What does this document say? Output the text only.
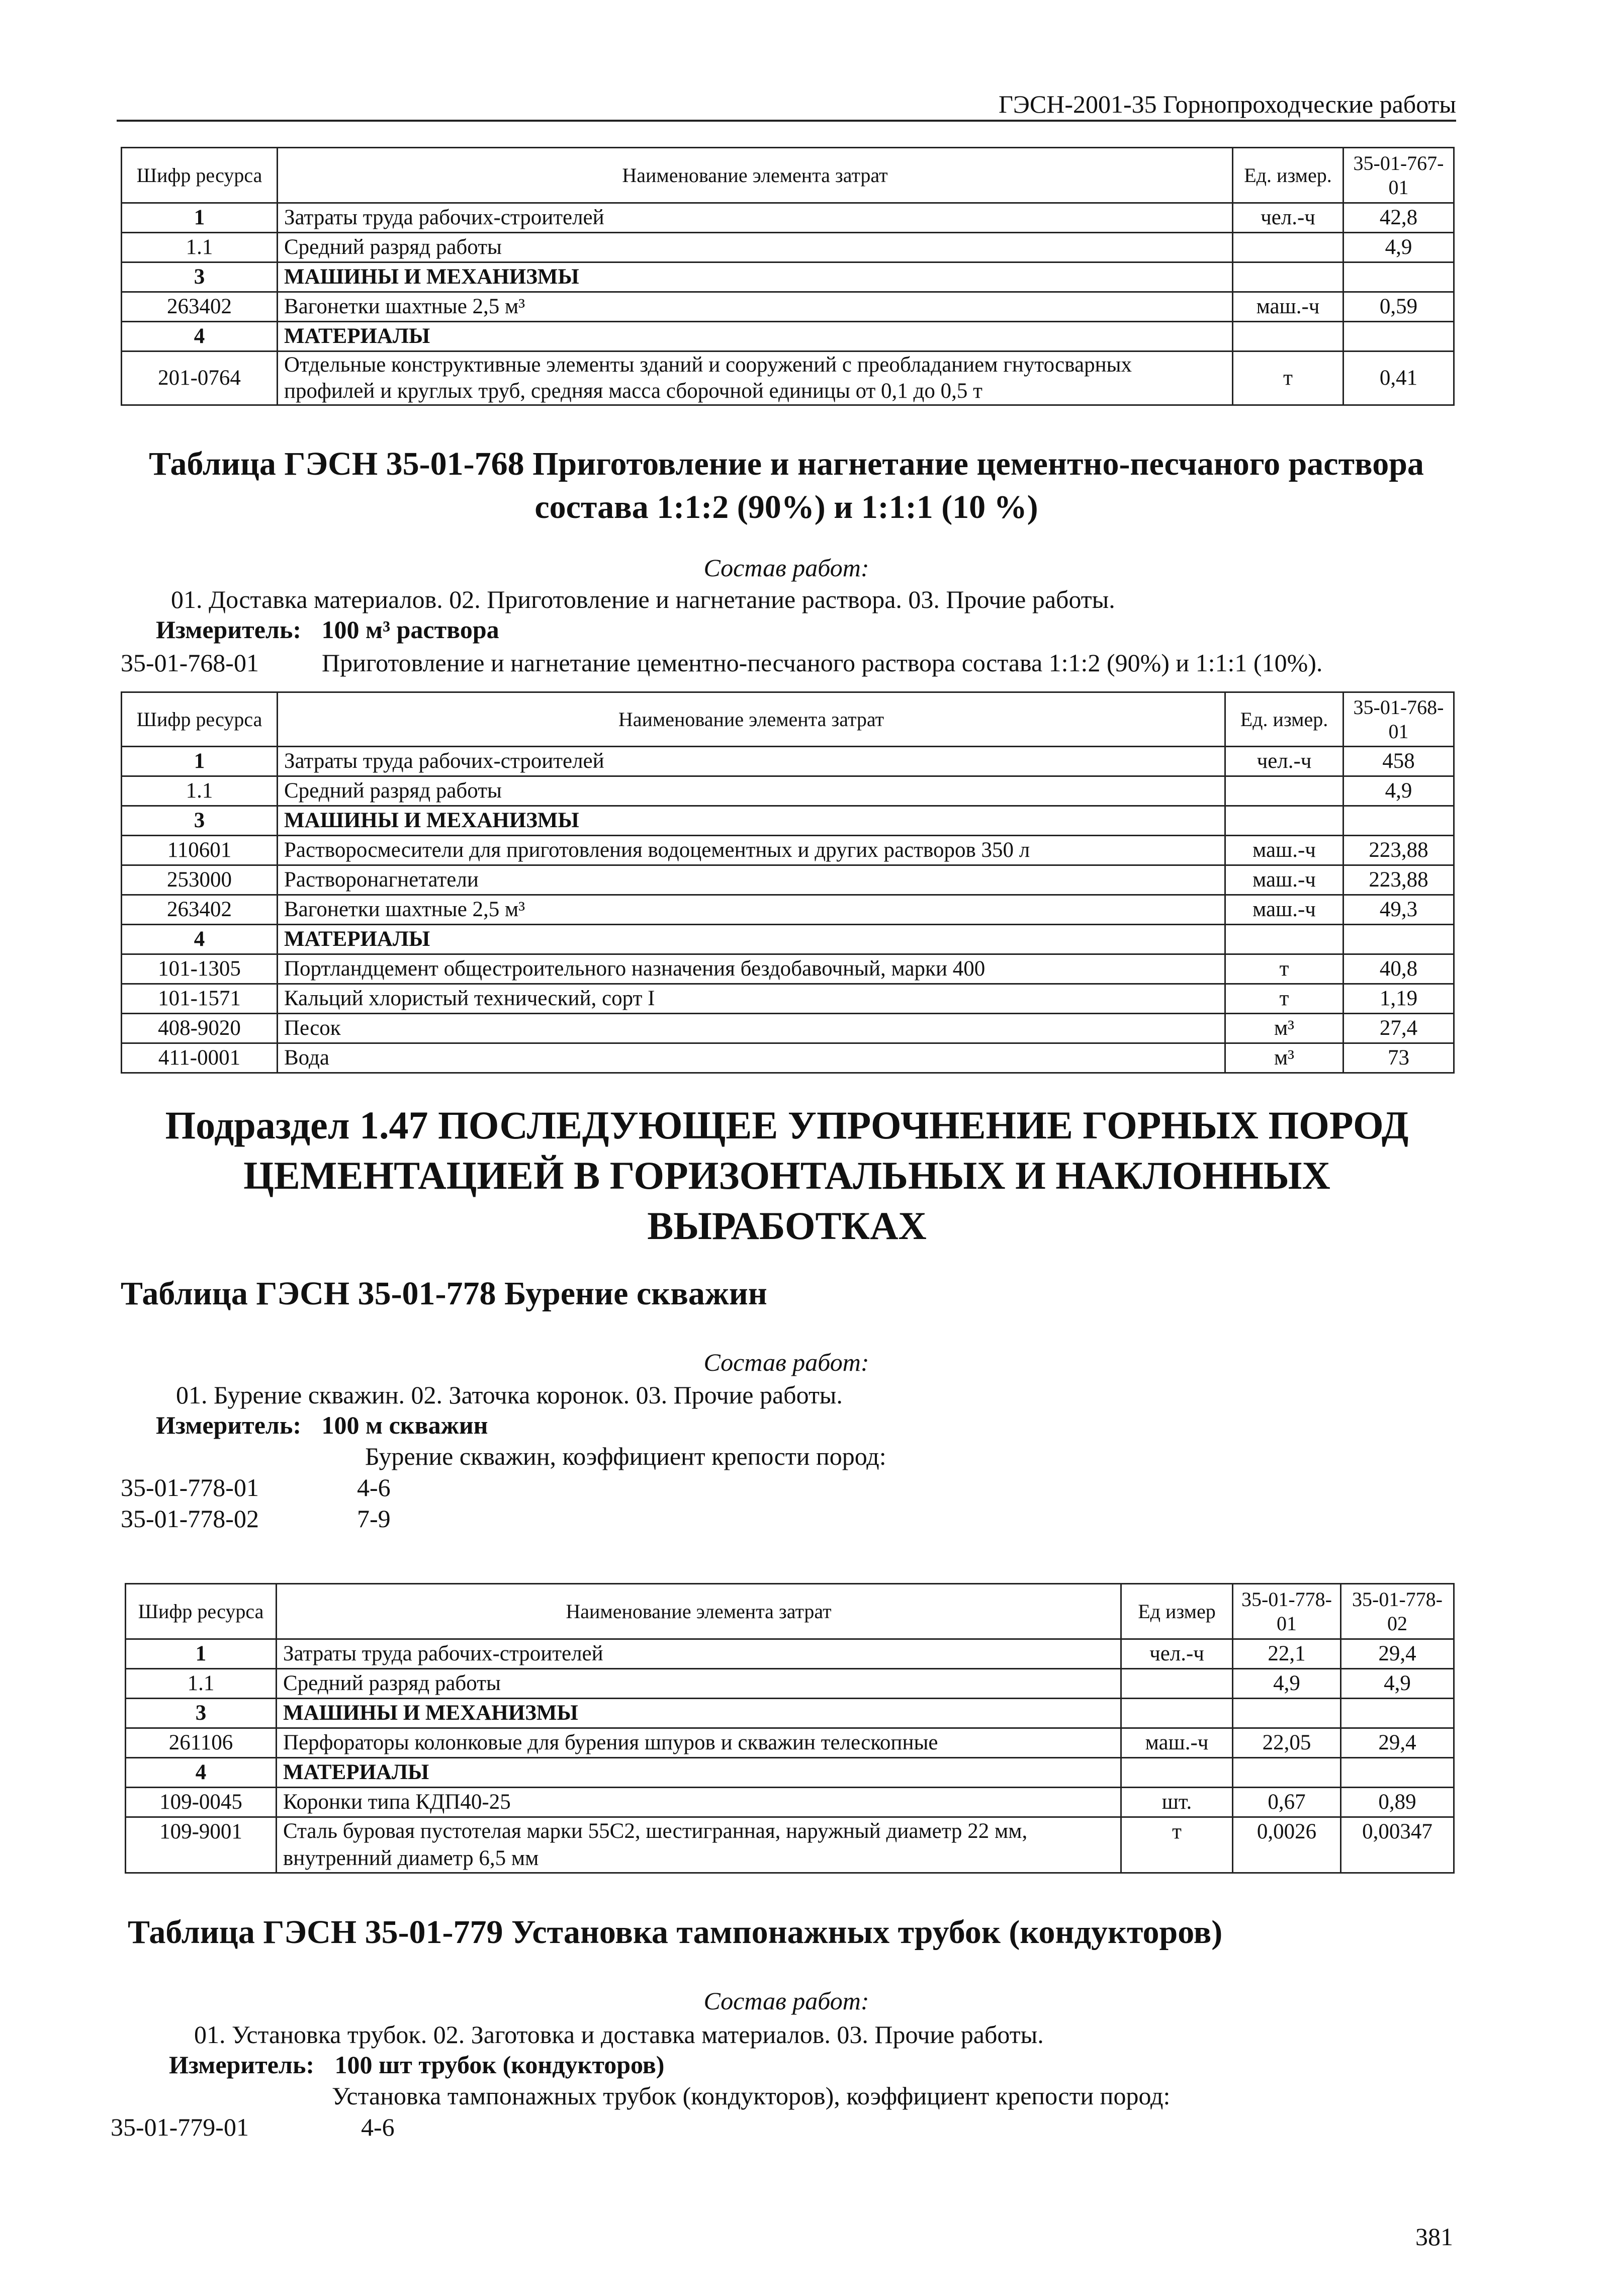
ГЭСН-2001-35 Горнопроходческие работы
Шифр ресурса	Наименование элемента затрат	Ед. измер.	35-01-767-01
1	Затраты труда рабочих-строителей	чел.-ч	42,8
1.1	Средний разряд работы		4,9
3	МАШИНЫ И МЕХАНИЗМЫ		
263402	Вагонетки шахтные 2,5 м³	маш.-ч	0,59
4	МАТЕРИАЛЫ		
201-0764	Отдельные конструктивные элементы зданий и сооружений с преобладанием гнутосварных профилей и круглых труб, средняя масса сборочной единицы от 0,1 до 0,5 т	т	0,41
Таблица ГЭСН 35-01-768 Приготовление и нагнетание цементно-песчаного раствора состава 1:1:2 (90%) и 1:1:1 (10 %)
Состав работ:
01. Доставка материалов. 02. Приготовление и нагнетание раствора. 03. Прочие работы.
Измеритель: 100 м³ раствора
35-01-768-01	Приготовление и нагнетание цементно-песчаного раствора состава 1:1:2 (90%) и 1:1:1 (10%).
Шифр ресурса	Наименование элемента затрат	Ед. измер.	35-01-768-01
1	Затраты труда рабочих-строителей	чел.-ч	458
1.1	Средний разряд работы		4,9
3	МАШИНЫ И МЕХАНИЗМЫ		
110601	Растворосмесители для приготовления водоцементных и других растворов 350 л	маш.-ч	223,88
253000	Растворонагнетатели	маш.-ч	223,88
263402	Вагонетки шахтные 2,5 м³	маш.-ч	49,3
4	МАТЕРИАЛЫ		
101-1305	Портландцемент общестроительного назначения бездобавочный, марки 400	т	40,8
101-1571	Кальций хлористый технический, сорт I	т	1,19
408-9020	Песок	м³	27,4
411-0001	Вода	м³	73
Подраздел 1.47 ПОСЛЕДУЮЩЕЕ УПРОЧНЕНИЕ ГОРНЫХ ПОРОД ЦЕМЕНТАЦИЕЙ В ГОРИЗОНТАЛЬНЫХ И НАКЛОННЫХ ВЫРАБОТКАХ
Таблица ГЭСН 35-01-778 Бурение скважин
Состав работ:
01. Бурение скважин. 02. Заточка коронок. 03. Прочие работы.
Измеритель: 100 м скважин
Бурение скважин, коэффициент крепости пород:
35-01-778-01	4-6
35-01-778-02	7-9
Шифр ресурса	Наименование элемента затрат	Ед измер	35-01-778-01	35-01-778-02
1	Затраты труда рабочих-строителей	чел.-ч	22,1	29,4
1.1	Средний разряд работы		4,9	4,9
3	МАШИНЫ И МЕХАНИЗМЫ			
261106	Перфораторы колонковые для бурения шпуров и скважин телескопные	маш.-ч	22,05	29,4
4	МАТЕРИАЛЫ			
109-0045	Коронки типа КДП40-25	шт.	0,67	0,89
109-9001	Сталь буровая пустотелая марки 55С2, шестигранная, наружный диаметр 22 мм, внутренний диаметр 6,5 мм	т	0,0026	0,00347
Таблица ГЭСН 35-01-779 Установка тампонажных трубок (кондукторов)
Состав работ:
01. Установка трубок. 02. Заготовка и доставка материалов. 03. Прочие работы.
Измеритель: 100 шт трубок (кондукторов)
Установка тампонажных трубок (кондукторов), коэффициент крепости пород:
35-01-779-01	4-6
381
